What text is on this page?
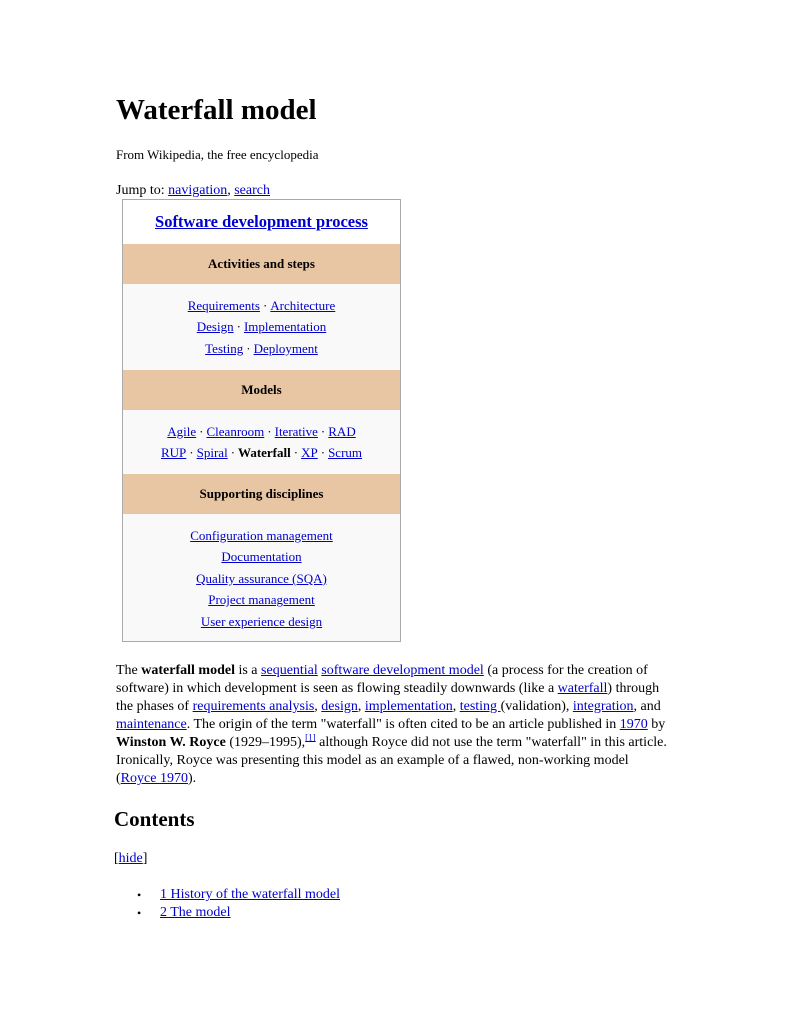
Waterfall model
From Wikipedia, the free encyclopedia
Jump to: navigation, search
Software development process
Activities and steps
Requirements · Architecture
Design · Implementation
Testing · Deployment
Models
Agile · Cleanroom · Iterative · RAD
RUP · Spiral · Waterfall · XP · Scrum
Supporting disciplines
Configuration management
Documentation
Quality assurance (SQA)
Project management
User experience design

The waterfall model is a sequential software development model (a process for the creation of software) in which development is seen as flowing steadily downwards (like a waterfall) through the phases of requirements analysis, design, implementation, testing (validation), integration, and maintenance. The origin of the term "waterfall" is often cited to be an article published in 1970 by Winston W. Royce (1929–1995),[1] although Royce did not use the term "waterfall" in this article. Ironically, Royce was presenting this model as an example of a flawed, non-working model (Royce 1970).

Contents
[hide]
• 1 History of the waterfall model
• 2 The model
